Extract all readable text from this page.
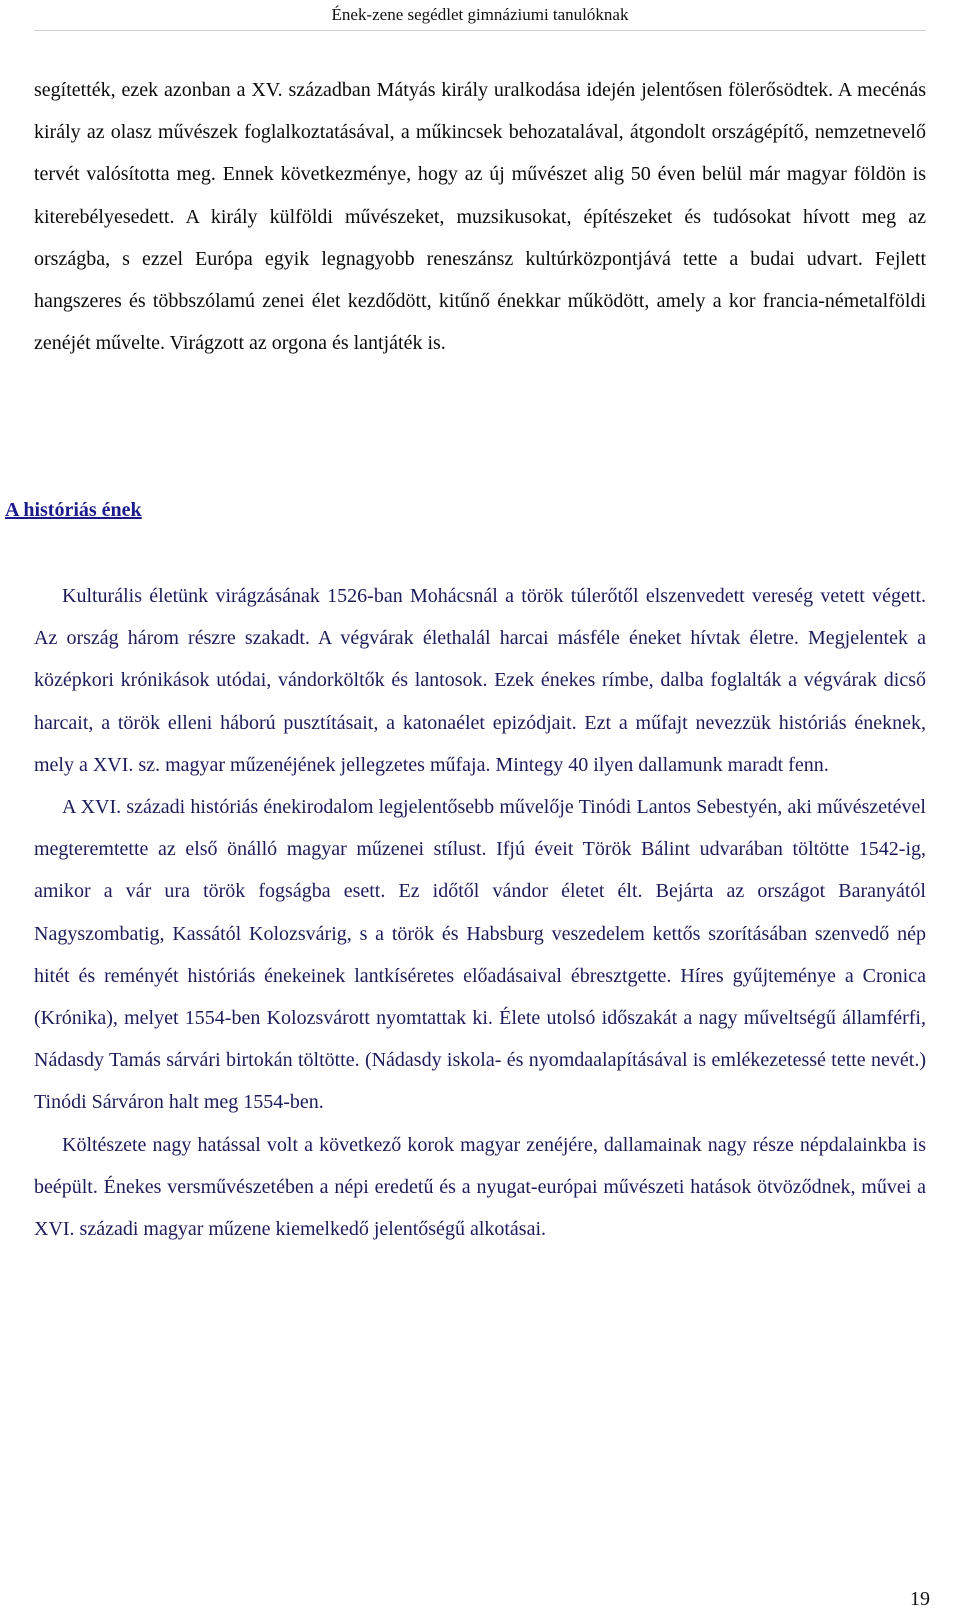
Ének-zene segédlet gimnáziumi tanulóknak

segítették, ezek azonban a XV. században Mátyás király uralkodása idején jelentősen fölerősödtek. A mecénás király az olasz művészek foglalkoztatásával, a műkincsek behozatalával, átgondolt országépítő, nemzetnevelő tervét valósította meg. Ennek következménye, hogy az új művészet alig 50 éven belül már magyar földön is kiterebélyesedett. A király külföldi művészeket, muzsikusokat, építészeket és tudósokat hívott meg az országba, s ezzel Európa egyik legnagyobb reneszánsz kultúrközpontjává tette a budai udvart. Fejlett hangszeres és többszólamú zenei élet kezdődött, kitűnő énekkar működött, amely a kor francia-németalföldi zenéjét művelte. Virágzott az orgona és lantjáték is.

A históriás ének

Kulturális életünk virágzásának 1526-ban Mohácsnál a török túlerőtől elszenvedett vereség vetett végett. Az ország három részre szakadt. A végvárak élethalál harcai másféle éneket hívtak életre. Megjelentek a középkori krónikások utódai, vándorköltők és lantosok. Ezek énekes rímbe, dalba foglalták a végvárak dicső harcait, a török elleni háború pusztításait, a katonaélet epizódjait. Ezt a műfajt nevezzük históriás éneknek, mely a XVI. sz. magyar műzenéjének jellegzetes műfaja. Mintegy 40 ilyen dallamunk maradt fenn.

A XVI. századi históriás énekirodalom legjelentősebb művelője Tinódi Lantos Sebestyén, aki művészetével megteremtette az első önálló magyar műzenei stílust. Ifjú éveit Török Bálint udvarában töltötte 1542-ig, amikor a vár ura török fogságba esett. Ez időtől vándor életet élt. Bejárta az országot Baranyától Nagyszombatig, Kassától Kolozsvárig, s a török és Habsburg veszedelem kettős szorításában szenvedő nép hitét és reményét históriás énekeinek lantkíséretes előadásaival ébresztgette. Híres gyűjteménye a Cronica (Krónika), melyet 1554-ben Kolozsvárott nyomtattak ki. Élete utolsó időszakát a nagy műveltségű államférfi, Nádasdy Tamás sárvári birtokán töltötte. (Nádasdy iskola- és nyomdaalapításával is emlékezetessé tette nevét.) Tinódi Sárváron halt meg 1554-ben.

Költészete nagy hatással volt a következő korok magyar zenéjére, dallamainak nagy része népdalainkba is beépült. Énekes versművészetében a népi eredetű és a nyugat-európai művészeti hatások ötvöződnek, művei a XVI. századi magyar műzene kiemelkedő jelentőségű alkotásai.

19
